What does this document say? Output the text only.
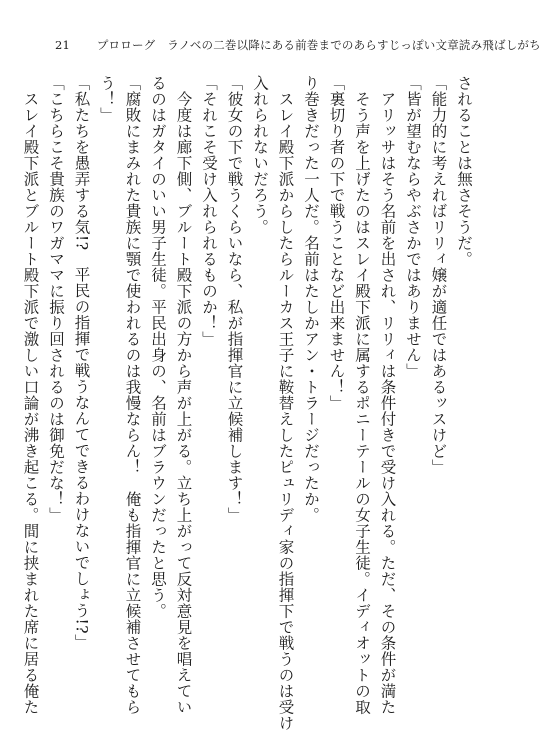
21 プロローグ ラノベの二巻以降にある前巻までのあらすじっぽい文章読み飛ばしがち
されることは無さそうだ。
「能力的に考えればリリィ嬢が適任ではあるッスけど」
「皆が望むならやぶさかではありません」
　アリッサはそう名前を出され、リリィは条件付きで受け入れる。ただ、その条件が満た
　そう声を上げたのはスレイ殿下派に属するポニーテールの女子生徒。イディオットの取
「裏切り者の下で戦うことなど出来ません！」
り巻きだった一人だ。名前はたしかアン・トラージだったか。
　スレイ殿下派からしたらルーカス王子に鞍替えしたピュリディ家の指揮下で戦うのは受け
入れられないだろう。
「彼女の下で戦うくらいなら、私が指揮官に立候補します！」
「それこそ受け入れられるものか！」
　今度は廊下側、ブルート殿下派の方から声が上がる。立ち上がって反対意見を唱えてい
るのはガタイのいい男子生徒。平民出身の、名前はブラウンだったと思う。
「腐敗にまみれた貴族に顎で使われるのは我慢ならん！　俺も指揮官に立候補させてもら
う！」
「私たちを愚弄する気!?　平民の指揮で戦うなんてできるわけないでしょう!?」
「こちらこそ貴族のワガママに振り回されるのは御免だな！」
　スレイ殿下派とブルート殿下派で激しい口論が沸き起こる。間に挟まれた席に居る俺た
